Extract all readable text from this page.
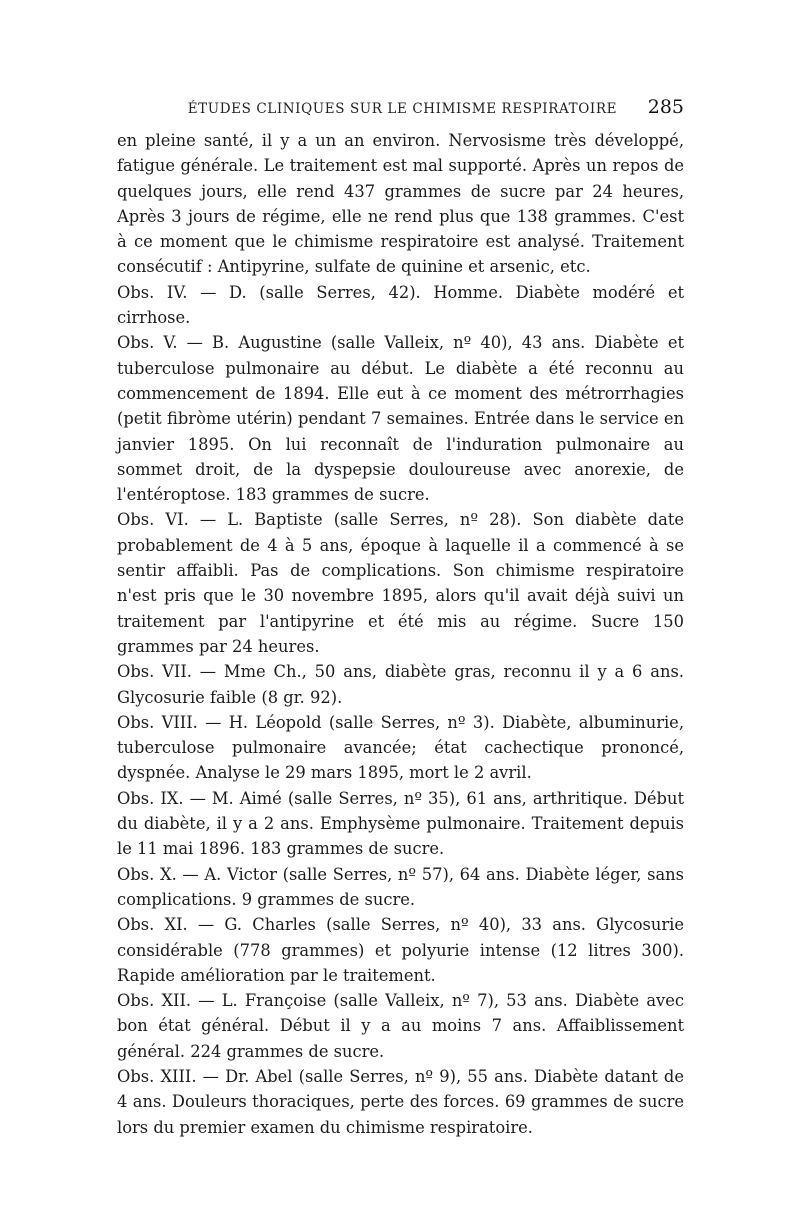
ÉTUDES CLINIQUES SUR LE CHIMISME RESPIRATOIRE	285

en pleine santé, il y a un an environ. Nervosisme très développé, fatigue générale. Le traitement est mal supporté. Après un repos de quelques jours, elle rend 437 grammes de sucre par 24 heures, Après 3 jours de régime, elle ne rend plus que 138 grammes. C'est à ce moment que le chimisme respiratoire est analysé. Traitement consécutif : Antipyrine, sulfate de quinine et arsenic, etc.

Obs. IV. — D. (salle Serres, 42). Homme. Diabète modéré et cirrhose.

Obs. V. — B. Augustine (salle Valleix, nº 40), 43 ans. Diabète et tuberculose pulmonaire au début. Le diabète a été reconnu au commencement de 1894. Elle eut à ce moment des métrorrhagies (petit fibròme utérin) pendant 7 semaines. Entrée dans le service en janvier 1895. On lui reconnaît de l'induration pulmonaire au sommet droit, de la dyspepsie douloureuse avec anorexie, de l'entéroptose. 183 grammes de sucre.

Obs. VI. — L. Baptiste (salle Serres, nº 28). Son diabète date probablement de 4 à 5 ans, époque à laquelle il a commencé à se sentir affaibli. Pas de complications. Son chimisme respiratoire n'est pris que le 30 novembre 1895, alors qu'il avait déjà suivi un traitement par l'antipyrine et été mis au régime. Sucre 150 grammes par 24 heures.

Obs. VII. — Mme Ch., 50 ans, diabète gras, reconnu il y a 6 ans. Glycosurie faible (8 gr. 92).

Obs. VIII. — H. Léopold (salle Serres, nº 3). Diabète, albuminurie, tuberculose pulmonaire avancée; état cachectique prononcé, dyspnée. Analyse le 29 mars 1895, mort le 2 avril.

Obs. IX. — M. Aimé (salle Serres, nº 35), 61 ans, arthritique. Début du diabète, il y a 2 ans. Emphysème pulmonaire. Traitement depuis le 11 mai 1896. 183 grammes de sucre.

Obs. X. — A. Victor (salle Serres, nº 57), 64 ans. Diabète léger, sans complications. 9 grammes de sucre.

Obs. XI. — G. Charles (salle Serres, nº 40), 33 ans. Glycosurie considérable (778 grammes) et polyurie intense (12 litres 300). Rapide amélioration par le traitement.

Obs. XII. — L. Françoise (salle Valleix, nº 7), 53 ans. Diabète avec bon état général. Début il y a au moins 7 ans. Affaiblissement général. 224 grammes de sucre.

Obs. XIII. — Dr. Abel (salle Serres, nº 9), 55 ans. Diabète datant de 4 ans. Douleurs thoraciques, perte des forces. 69 grammes de sucre lors du premier examen du chimisme respiratoire.
